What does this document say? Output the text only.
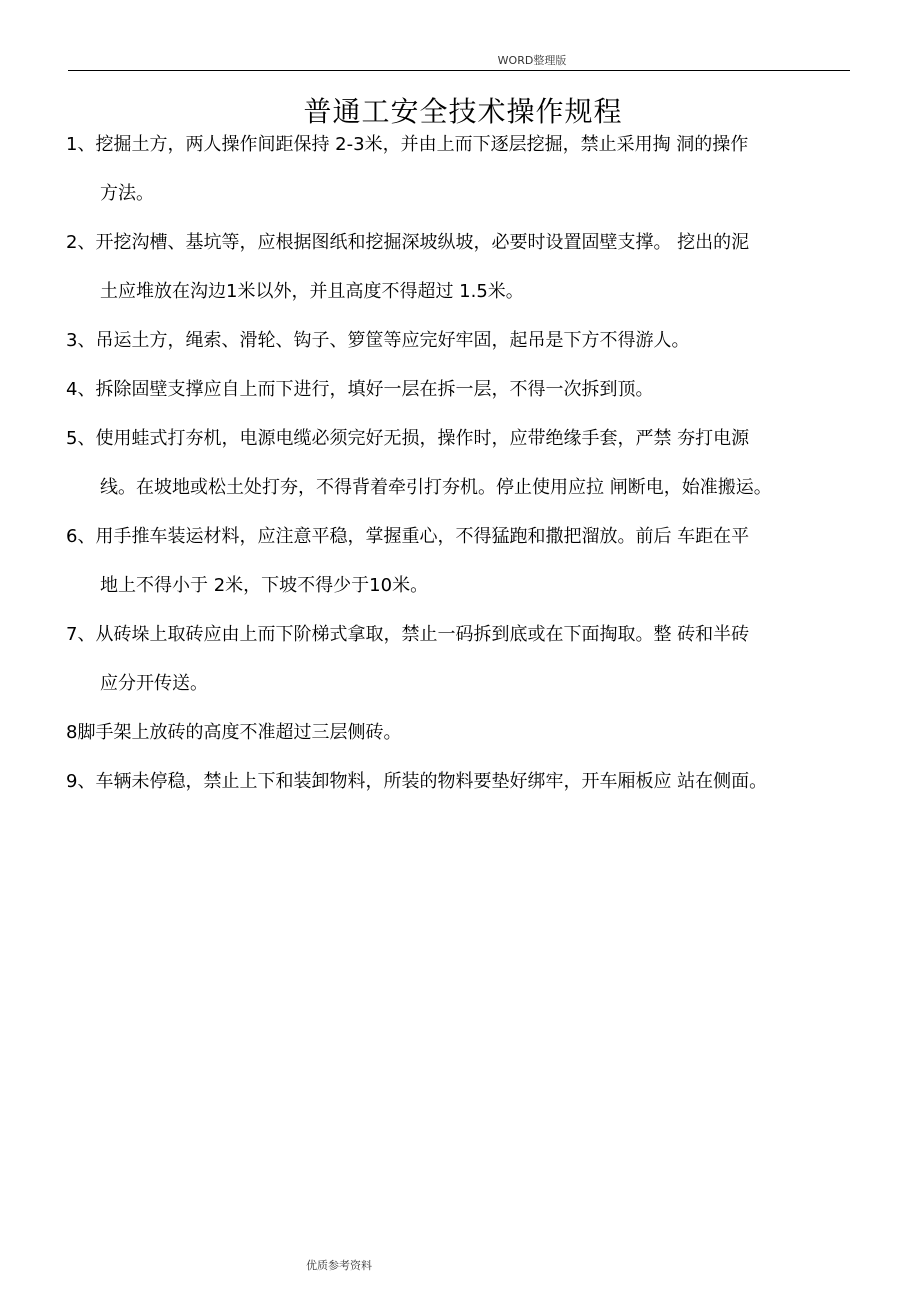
WORD整理版
普通工安全技术操作规程
1、挖掘土方，两人操作间距保持 2-3米，并由上而下逐层挖掘，禁止采用掏 洞的操作
方法。
2、开挖沟槽、基坑等，应根据图纸和挖掘深坡纵坡，必要时设置固壁支撑。 挖出的泥
土应堆放在沟边1米以外，并且高度不得超过 1.5米。
3、吊运土方，绳索、滑轮、钩子、箩筐等应完好牢固，起吊是下方不得游人。
4、拆除固壁支撑应自上而下进行，填好一层在拆一层，不得一次拆到顶。
5、使用蛙式打夯机，电源电缆必须完好无损，操作时，应带绝缘手套，严禁 夯打电源
线。在坡地或松土处打夯，不得背着牵引打夯机。停止使用应拉 闸断电，始准搬运。
6、用手推车装运材料，应注意平稳，掌握重心，不得猛跑和撒把溜放。前后 车距在平
地上不得小于 2米，下坡不得少于10米。
7、从砖垛上取砖应由上而下阶梯式拿取，禁止一码拆到底或在下面掏取。整 砖和半砖
应分开传送。
8脚手架上放砖的高度不准超过三层侧砖。
9、车辆未停稳，禁止上下和装卸物料，所装的物料要垫好绑牢，开车厢板应 站在侧面。
优质参考资料
